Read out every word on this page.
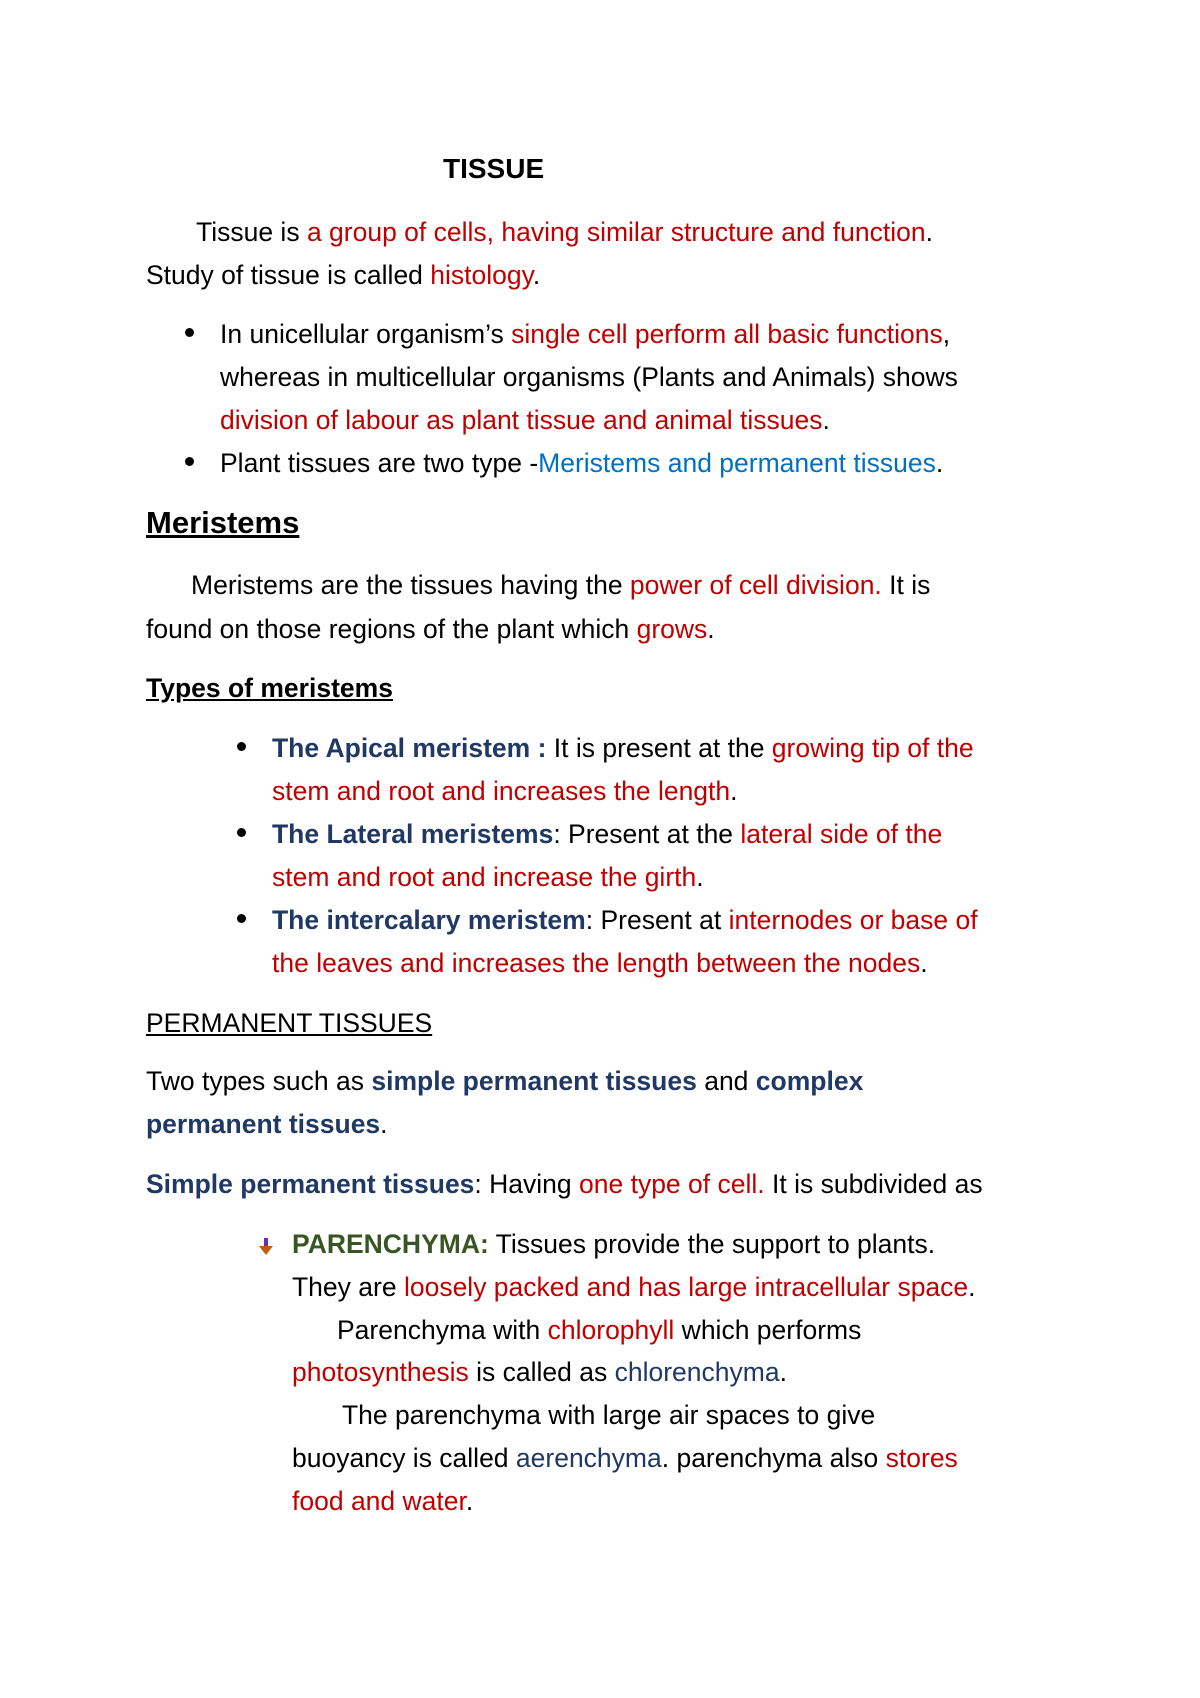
TISSUE
Tissue is a group of cells, having similar structure and function.
Study of tissue is called histology.
In unicellular organism’s single cell perform all basic functions,
whereas in multicellular organisms (Plants and Animals) shows
division of labour as plant tissue and animal tissues.
Plant tissues are two type -Meristems and permanent tissues.
Meristems
Meristems are the tissues having the power of cell division. It is
found on those regions of the plant which grows.
Types of meristems
The Apical meristem : It is present at the growing tip of the
stem and root and increases the length.
The Lateral meristems: Present at the lateral side of the
stem and root and increase the girth.
The intercalary meristem: Present at internodes or base of
the leaves and increases the length between the nodes.
PERMANENT TISSUES
Two types such as simple permanent tissues and complex
permanent tissues.
Simple permanent tissues: Having one type of cell. It is subdivided as
PARENCHYMA: Tissues provide the support to plants.
They are loosely packed and has large intracellular space.
Parenchyma with chlorophyll which performs
photosynthesis is called as chlorenchyma.
The parenchyma with large air spaces to give
buoyancy is called aerenchyma. parenchyma also stores
food and water.
